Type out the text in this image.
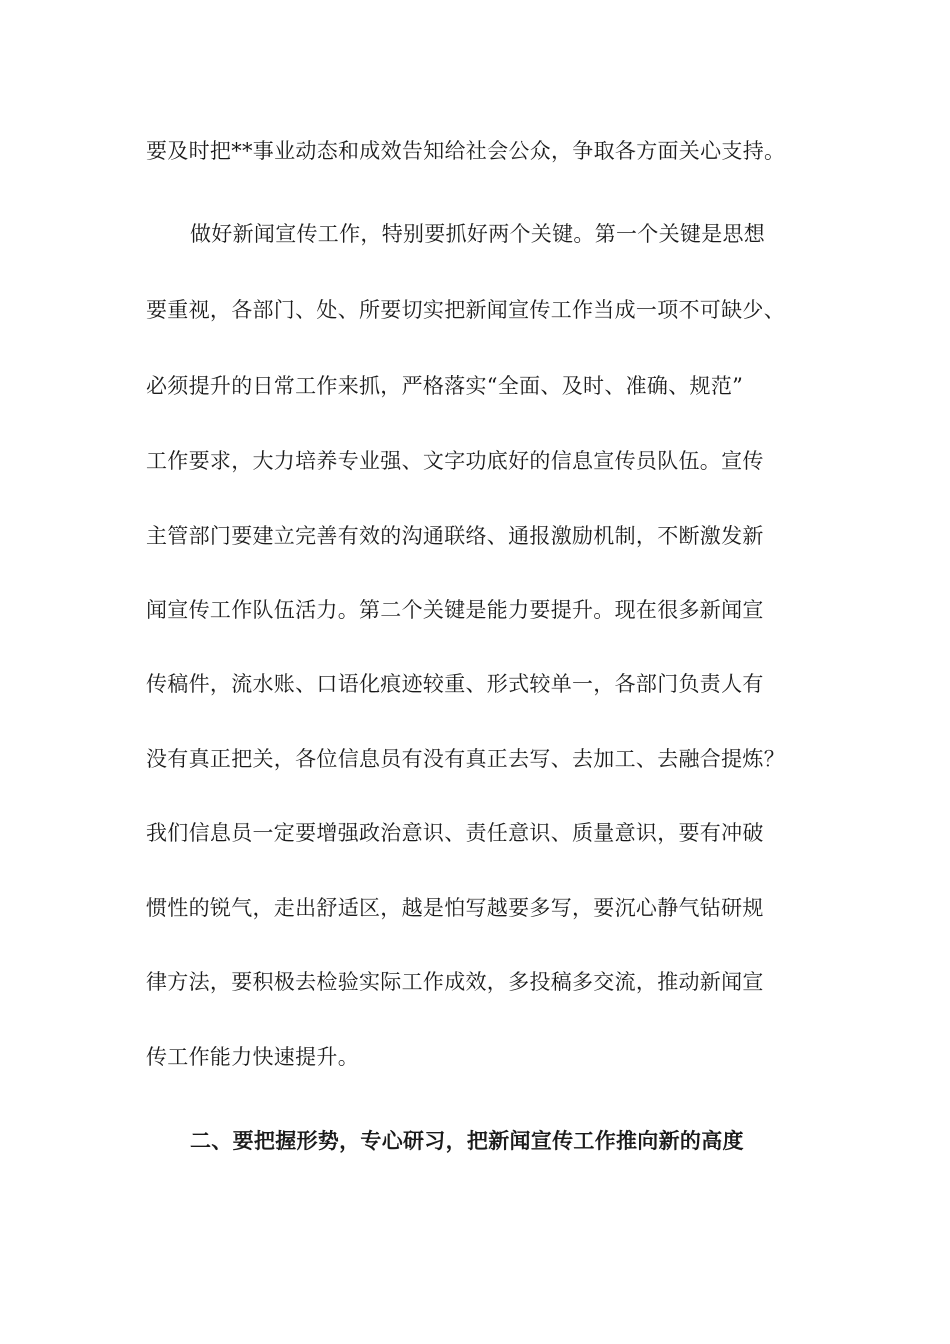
要及时把**事业动态和成效告知给社会公众，争取各方面关心支持。
做好新闻宣传工作，特别要抓好两个关键。第一个关键是思想
要重视，各部门、处、所要切实把新闻宣传工作当成一项不可缺少、
必须提升的日常工作来抓，严格落实“全面、及时、准确、规范”
工作要求，大力培养专业强、文字功底好的信息宣传员队伍。宣传
主管部门要建立完善有效的沟通联络、通报激励机制，不断激发新
闻宣传工作队伍活力。第二个关键是能力要提升。现在很多新闻宣
传稿件，流水账、口语化痕迹较重、形式较单一，各部门负责人有
没有真正把关，各位信息员有没有真正去写、去加工、去融合提炼？
我们信息员一定要增强政治意识、责任意识、质量意识，要有冲破
惯性的锐气，走出舒适区，越是怕写越要多写，要沉心静气钻研规
律方法，要积极去检验实际工作成效，多投稿多交流，推动新闻宣
传工作能力快速提升。
二、要把握形势，专心研习，把新闻宣传工作推向新的高度
